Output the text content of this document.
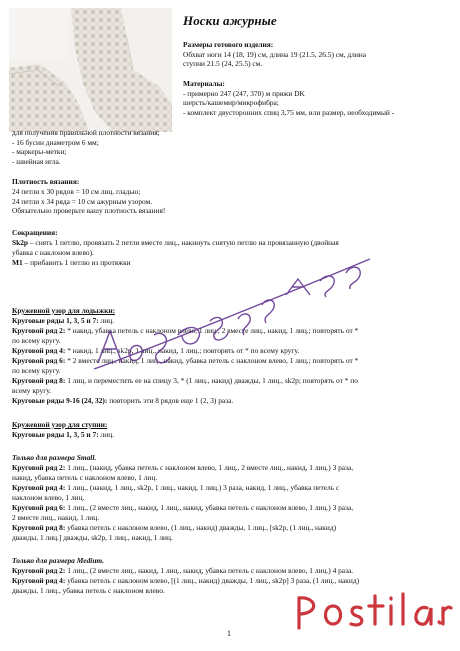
Носки ажурные
Размеры готового изделия:
Обхват ноги 14 (18, 19) см, длина 19 (21.5, 26.5) см, длина
ступни 21.5 (24, 25.5) см.
Материалы:
- примерно 247 (247, 370) м пряжи DK
шерсть/кашемир/микрофибра;
- комплект двусторонних спиц 3,75 мм, или размер, необходимый -
для получения правильной плотности вязания;
- 16 бусин диаметром 6 мм;
- маркеры-метки;
- швейная игла.
Плотность вязания:
24 петли х 30 рядов = 10 см лиц. гладью;
24 петли х 34 ряда = 10 см ажурным узором.
Обязательно проверьте вашу плотность вязания!
Сокращения:
Sk2p – снять 1 петлю, провязать 2 петли вместе лиц., накинуть снятую петлю на провязанную (двойная
убавка с наклоном влево).
M1 – прибавить 1 петлю из протяжки
Кружевной узор для лодыжки:
Круговые ряды 1, 3, 5 и 7: лиц.
Круговой ряд 2: * накид, убавка петель с наклоном влево, 1 лиц., 2 вместе лиц., накид, 1 лиц.; повторять от *
по всему кругу.
Круговой ряд 4: * накид, 1 лиц., sk2p, 1 лиц., накид, 1 лиц.; повторять от * по всему кругу.
Круговой ряд 6: * 2 вместе лиц., накид, 1 лиц., накид, убавка петель с наклоном влево, 1 лиц.; повторять от *
по всему кругу.
Круговой ряд 8: 1 лиц. и переместить ее на спицу 3, * (1 лиц., накид) дважды, 1 лиц., sk2p; повторять от * по
всему кругу.
Круговые ряды 9-16 (24, 32): повторить эти 8 рядов еще 1 (2, 3) раза.
Кружевной узор для ступни:
Круговые ряды 1, 3, 5 и 7: лиц.
Только для размера Small.
Круговой ряд 2: 1 лиц., (накид, убавка петель с наклоном влево, 1 лиц., 2 вместе лиц., накид, 1 лиц.) 3 раза,
накид, убавка петель с наклоном влево, 1 лиц.
Круговой ряд 4: 1 лиц., (накид, 1 лиц., sk2p, 1 лиц., накид, 1 лиц.) 3 раза, накид, 1 лиц., убавка петель с
наклоном влево, 1 лиц.
Круговой ряд 6: 1 лиц., (2 вместе лиц., накид, 1 лиц., накид, убавка петель с наклоном влево, 1 лиц.) 3 раза,
2 вместе лиц., накид, 1 лиц.
Круговой ряд 8: убавка петель с наклоном влево, (1 лиц., накид) дважды, 1 лиц., [sk2p, (1 лиц., накид)
дважды, 1 лиц.] дважды, sk2p, 1 лиц., накид, 1 лиц.
Только для размера Medium.
Круговой ряд 2: 1 лиц., (2 вместе лиц., накид, 1 лиц., накид, убавка петель с наклоном влево, 1 лиц.) 4 раза.
Круговой ряд 4: убавка петель с наклоном влево, [(1 лиц., накид) дважды, 1 лиц., sk2p] 3 раза, (1 лиц., накид)
дважды, 1 лиц., убавка петель с наклоном влево.
1
